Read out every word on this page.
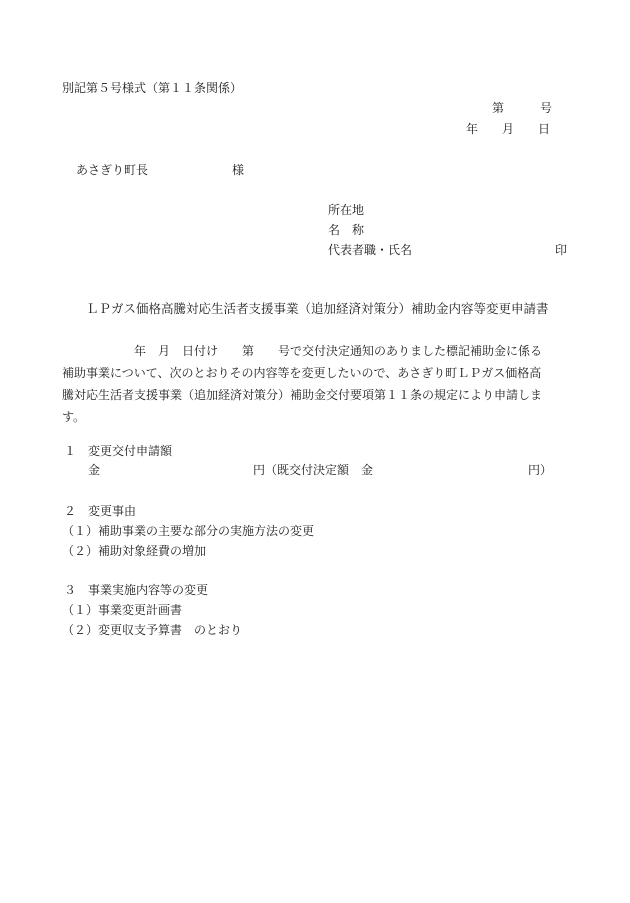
別記第５号様式（第１１条関係）
第　　　号
年　　月　　日
あさぎり町長　　　　　　　様
所在地
名　称
代表者職・氏名	印
ＬＰガス価格高騰対応生活者支援事業（追加経済対策分）補助金内容等変更申請書
　　　　　　年　月　日付け　　第　　号で交付決定通知のありました標記補助金に係る
補助事業について、次のとおりその内容等を変更したいので、あさぎり町ＬＰガス価格高
騰対応生活者支援事業（追加経済対策分）補助金交付要項第１１条の規定により申請しま
す。
１　変更交付申請額
金	円（既交付決定額　金	円）
２　変更事由
（１）補助事業の主要な部分の実施方法の変更
（２）補助対象経費の増加
３　事業実施内容等の変更
（１）事業変更計画書
（２）変更収支予算書　のとおり
